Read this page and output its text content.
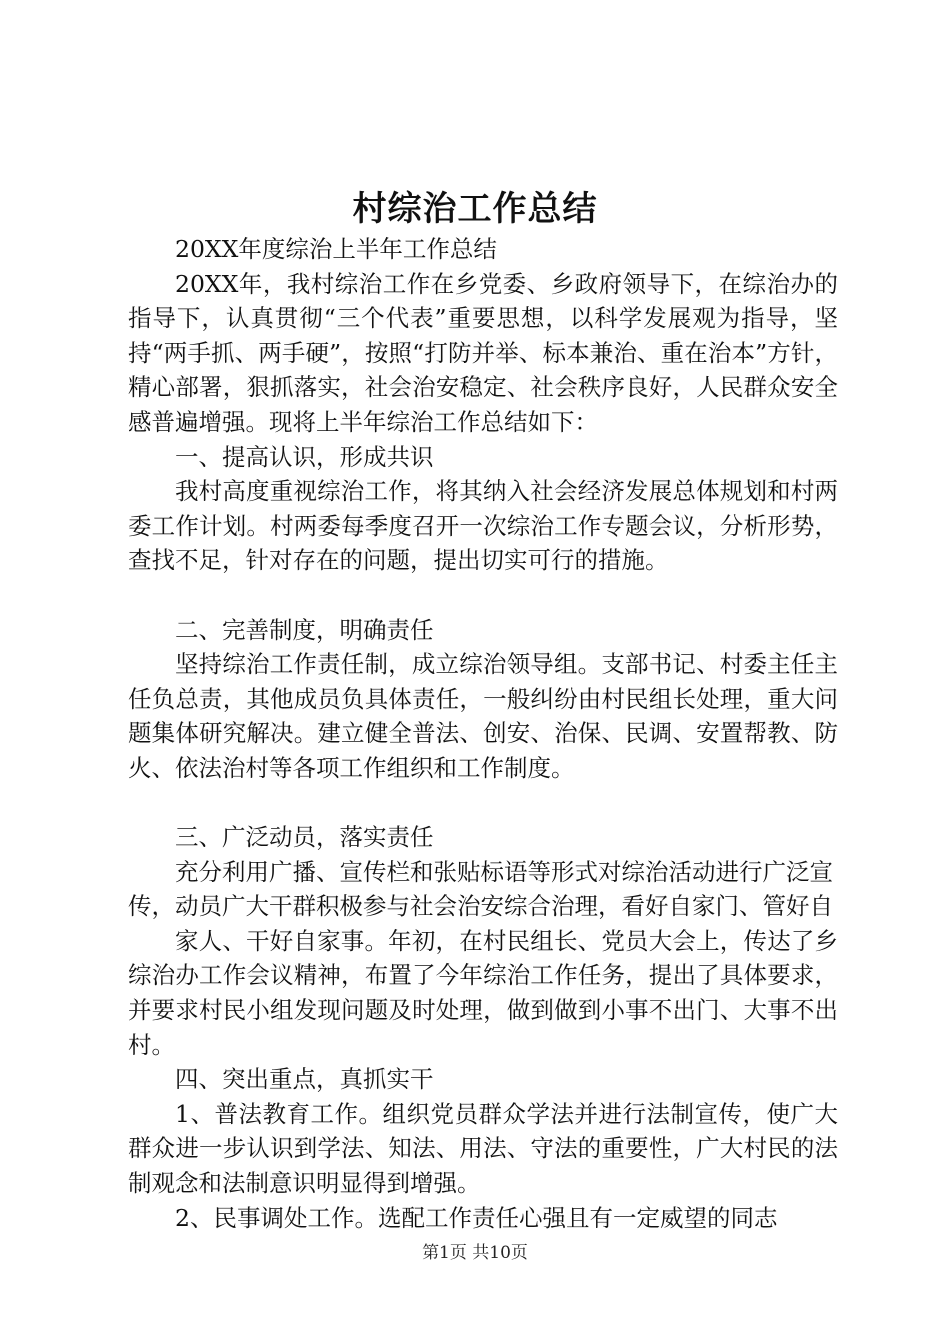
村综治工作总结

20XX年度综治上半年工作总结

20XX年，我村综治工作在乡党委、乡政府领导下，在综治办的指导下，认真贯彻“三个代表”重要思想，以科学发展观为指导，坚持“两手抓、两手硬”，按照“打防并举、标本兼治、重在治本”方针，精心部署，狠抓落实，社会治安稳定、社会秩序良好，人民群众安全感普遍增强。现将上半年综治工作总结如下：

一、提高认识，形成共识

我村高度重视综治工作，将其纳入社会经济发展总体规划和村两委工作计划。村两委每季度召开一次综治工作专题会议，分析形势，查找不足，针对存在的问题，提出切实可行的措施。

二、完善制度，明确责任

坚持综治工作责任制，成立综治领导组。支部书记、村委主任主任负总责，其他成员负具体责任，一般纠纷由村民组长处理，重大问题集体研究解决。建立健全普法、创安、治保、民调、安置帮教、防火、依法治村等各项工作组织和工作制度。

三、广泛动员，落实责任

充分利用广播、宣传栏和张贴标语等形式对综治活动进行广泛宣传，动员广大干群积极参与社会治安综合治理，看好自家门、管好自

家人、干好自家事。年初，在村民组长、党员大会上，传达了乡综治办工作会议精神，布置了今年综治工作任务，提出了具体要求，并要求村民小组发现问题及时处理，做到做到小事不出门、大事不出村。

四、突出重点，真抓实干

1、普法教育工作。组织党员群众学法并进行法制宣传，使广大群众进一步认识到学法、知法、用法、守法的重要性，广大村民的法制观念和法制意识明显得到增强。

2、民事调处工作。选配工作责任心强且有一定威望的同志

第1页 共10页
